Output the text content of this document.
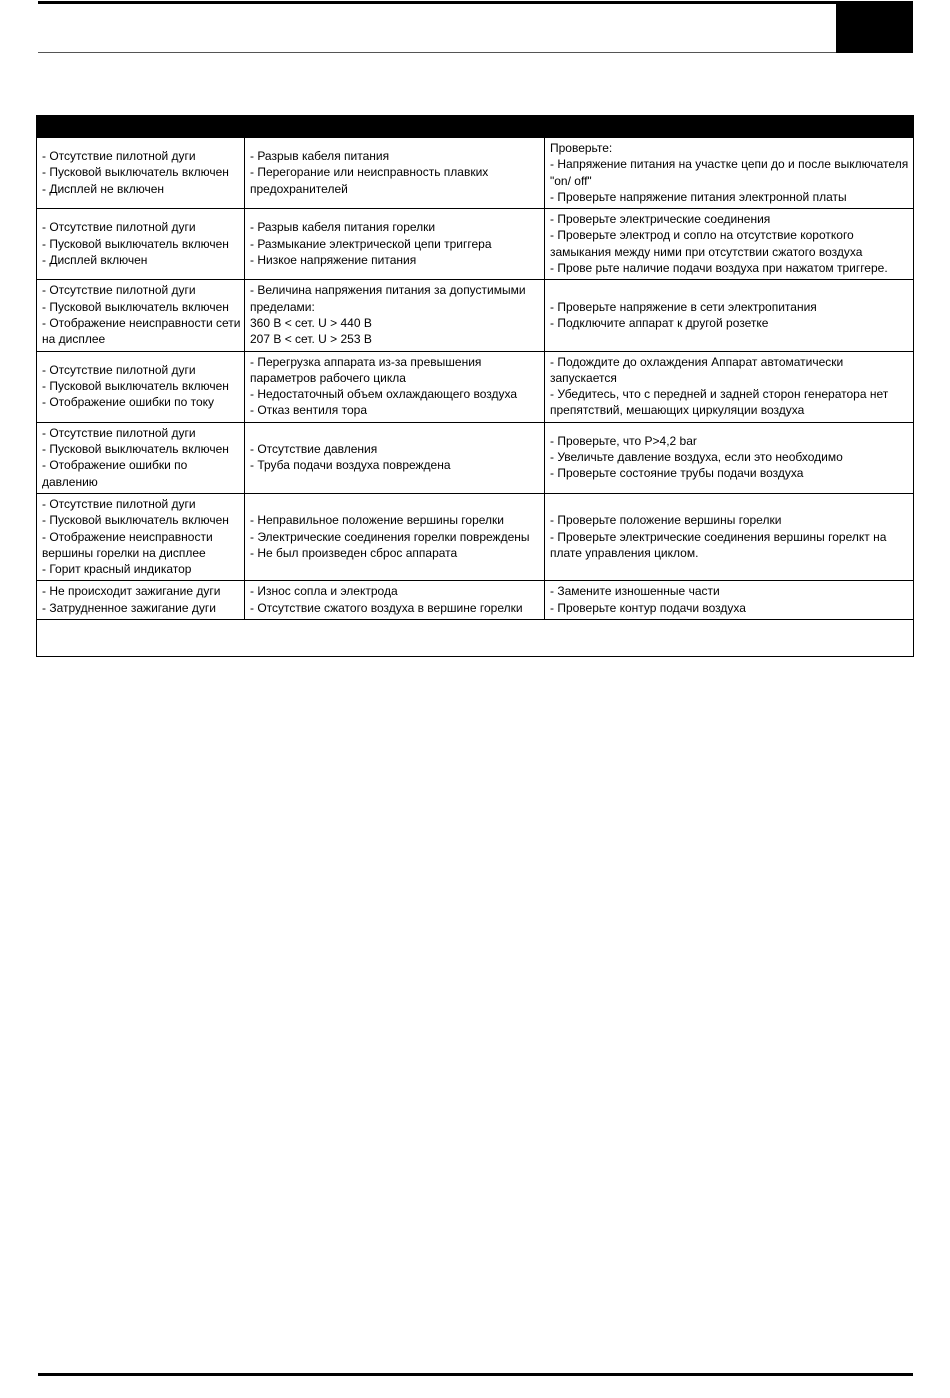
- Отсутствие пилотной дуги
- Пусковой выключатель включен
- Дисплей не включен	- Разрыв кабеля питания
- Перегорание или неисправность плавких предохранителей	Проверьте:
- Напряжение питания на участке цепи до и после выключателя "on/ off"
- Проверьте напряжение питания электронной платы
- Отсутствие пилотной дуги
- Пусковой выключатель включен
- Дисплей включен	- Разрыв кабеля питания горелки
- Размыкание электрической цепи триггера
- Низкое напряжение питания	- Проверьте электрические соединения
- Проверьте электрод и сопло на отсутствие короткого замыкания между ними при отсутствии сжатого воздуха
- Прове рьте наличие подачи воздуха при нажатом триггере.
- Отсутствие пилотной дуги
- Пусковой выключатель включен
- Отображение неисправности сети на дисплее	- Величина напряжения питания за допустимыми пределами:
360 В < сет. U > 440 В
207 В < сет. U > 253 В	- Проверьте напряжение в сети электропитания
- Подключите аппарат к другой розетке
- Отсутствие пилотной дуги
- Пусковой выключатель включен
- Отображение ошибки по току	- Перегрузка аппарата из-за превышения параметров рабочего цикла
- Недостаточный объем охлаждающего воздуха
- Отказ вентиля тора	- Подождите до охлаждения Аппарат автоматически запускается
- Убедитесь, что с передней и задней сторон генератора нет препятствий, мешающих циркуляции воздуха
- Отсутствие пилотной дуги
- Пусковой выключатель включен
- Отображение ошибки по давлению	- Отсутствие давления
- Труба подачи воздуха повреждена	- Проверьте, что P>4,2 bar
- Увеличьте давление воздуха, если это необходимо
- Проверьте состояние трубы подачи воздуха
- Отсутствие пилотной дуги
- Пусковой выключатель включен
- Отображение неисправности вершины горелки на дисплее
- Горит красный индикатор	- Неправильное положение вершины горелки
- Электрические соединения горелки повреждены
- Не был произведен сброс аппарата	- Проверьте положение вершины горелки
- Проверьте электрические соединения вершины горелкт на плате управления циклом.
- Не происходит зажигание дуги
- Затрудненное зажигание дуги	- Износ сопла и электрода
- Отсутствие сжатого воздуха в вершине горелки	- Замените изношенные части
- Проверьте контур подачи воздуха
